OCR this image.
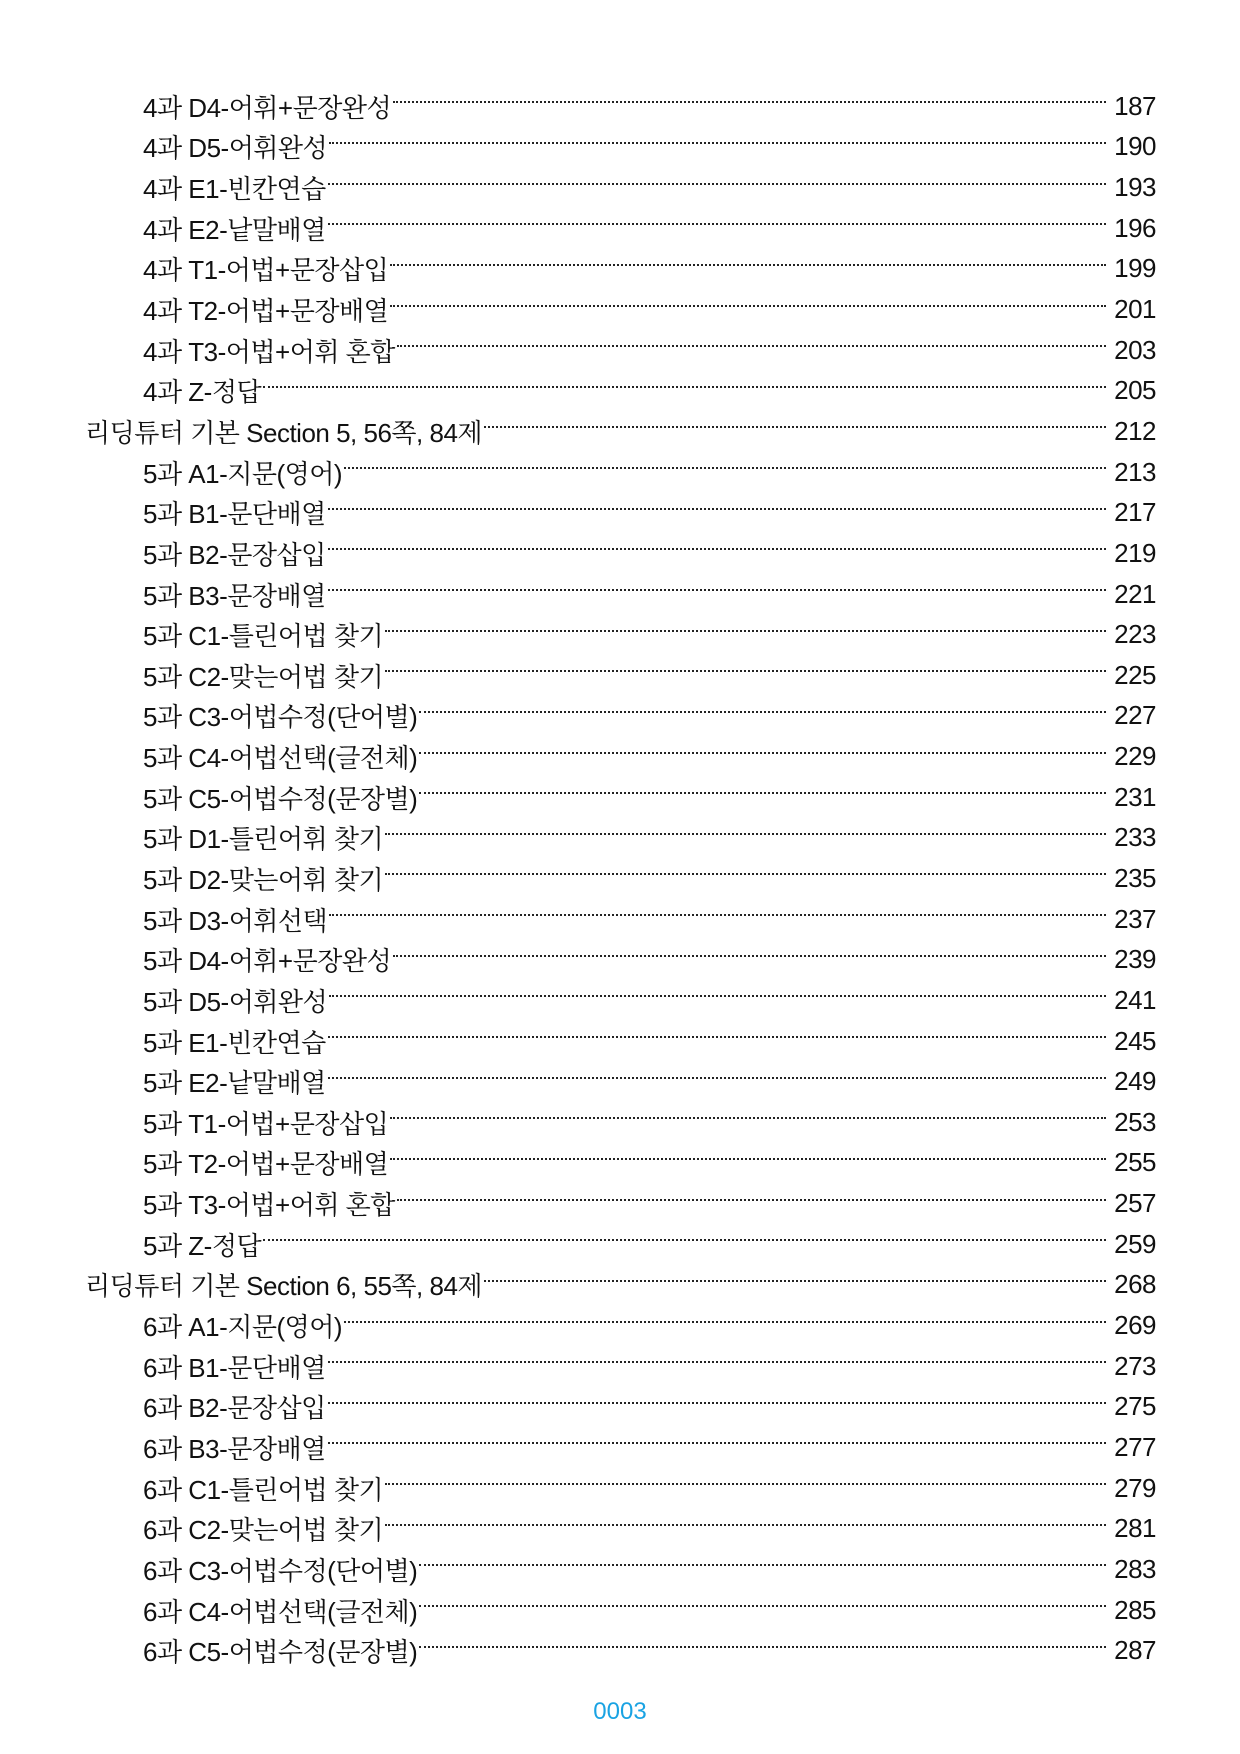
4과 D4-어휘+문장완성	187
4과 D5-어휘완성	190
4과 E1-빈칸연습	193
4과 E2-낱말배열	196
4과 T1-어법+문장삽입	199
4과 T2-어법+문장배열	201
4과 T3-어법+어휘 혼합	203
4과 Z-정답	205
리딩튜터 기본 Section 5, 56쪽, 84제	212
5과 A1-지문(영어)	213
5과 B1-문단배열	217
5과 B2-문장삽입	219
5과 B3-문장배열	221
5과 C1-틀린어법 찾기	223
5과 C2-맞는어법 찾기	225
5과 C3-어법수정(단어별)	227
5과 C4-어법선택(글전체)	229
5과 C5-어법수정(문장별)	231
5과 D1-틀린어휘 찾기	233
5과 D2-맞는어휘 찾기	235
5과 D3-어휘선택	237
5과 D4-어휘+문장완성	239
5과 D5-어휘완성	241
5과 E1-빈칸연습	245
5과 E2-낱말배열	249
5과 T1-어법+문장삽입	253
5과 T2-어법+문장배열	255
5과 T3-어법+어휘 혼합	257
5과 Z-정답	259
리딩튜터 기본 Section 6, 55쪽, 84제	268
6과 A1-지문(영어)	269
6과 B1-문단배열	273
6과 B2-문장삽입	275
6과 B3-문장배열	277
6과 C1-틀린어법 찾기	279
6과 C2-맞는어법 찾기	281
6과 C3-어법수정(단어별)	283
6과 C4-어법선택(글전체)	285
6과 C5-어법수정(문장별)	287
0003
